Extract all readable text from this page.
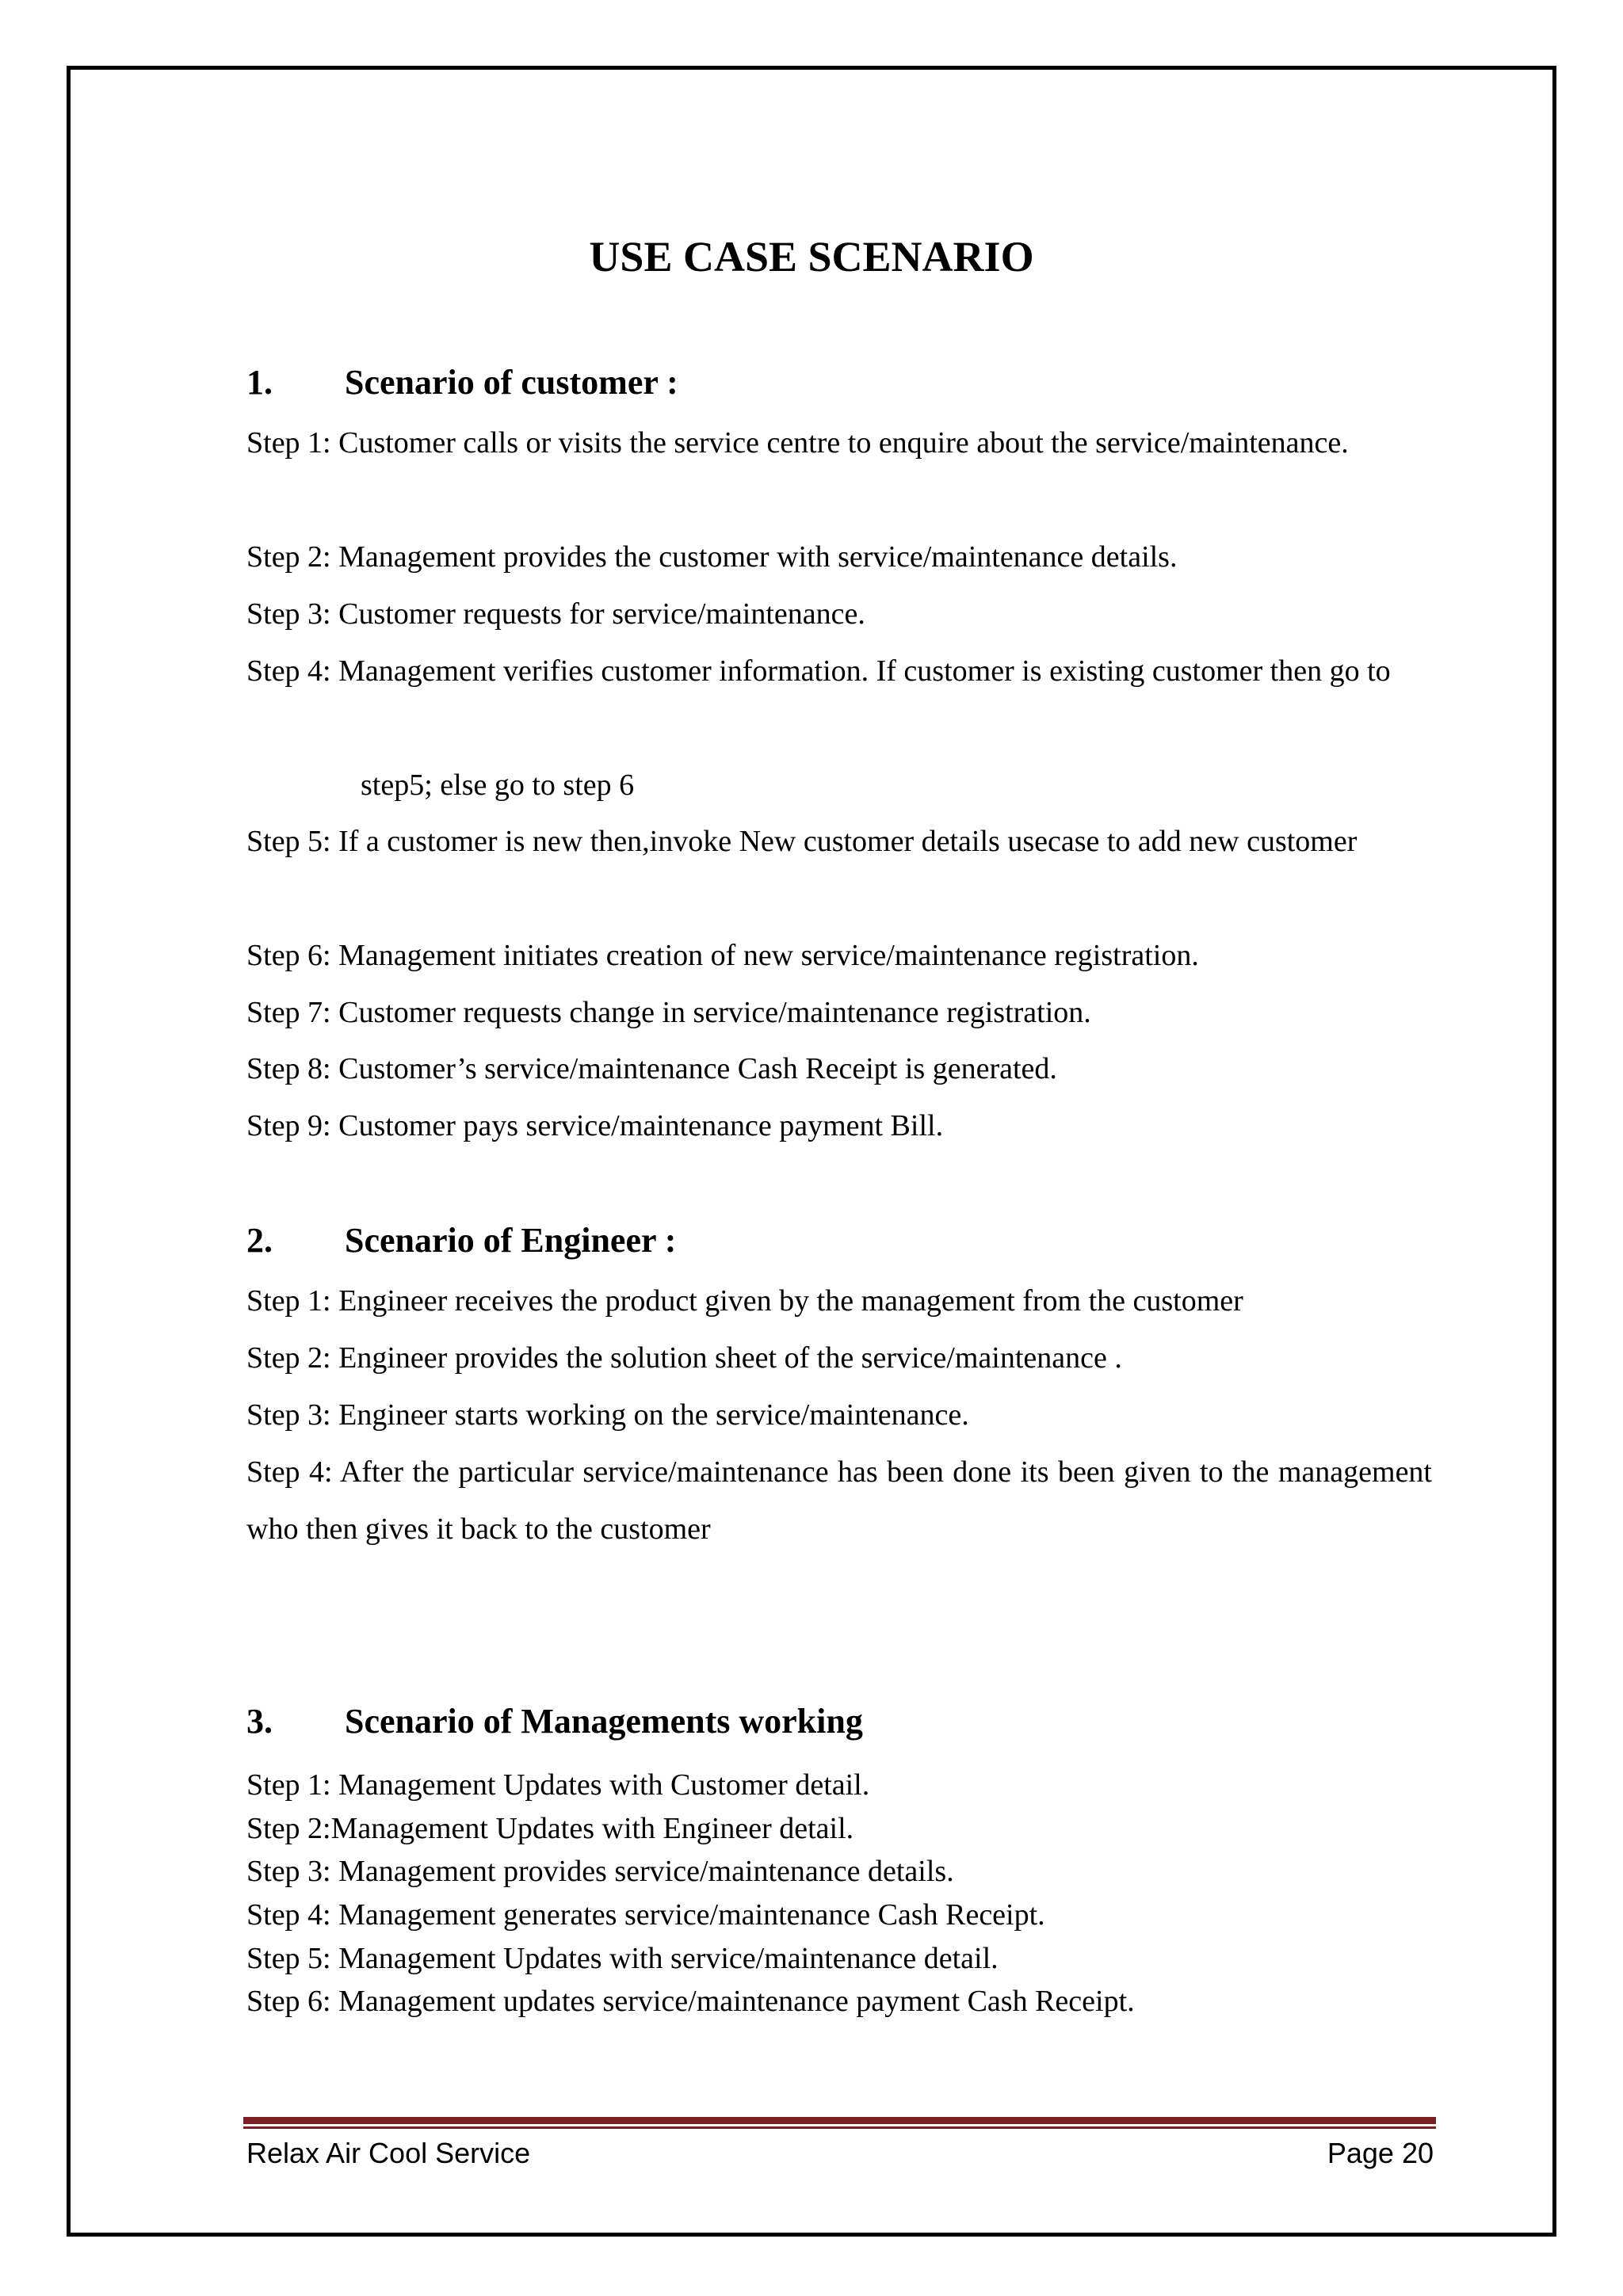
USE CASE SCENARIO
1. Scenario of customer :
Step 1: Customer calls or visits the service centre to enquire about the service/maintenance.
Step 2: Management provides the customer with service/maintenance details.
Step 3: Customer requests for service/maintenance.
Step 4: Management verifies customer information. If customer is existing customer then go to
step5; else go to step 6
Step 5: If a customer is new then,invoke New customer details usecase to add new customer
Step 6: Management initiates creation of new service/maintenance registration.
Step 7: Customer requests change in service/maintenance registration.
Step 8: Customer’s service/maintenance Cash Receipt is generated.
Step 9: Customer pays service/maintenance payment Bill.
2. Scenario of Engineer :
Step 1: Engineer receives the product given by the management from the customer
Step 2: Engineer provides the solution sheet of the service/maintenance .
Step 3: Engineer starts working on the service/maintenance.
Step 4: After the particular service/maintenance has been done its been given to the management who then gives it back to the customer
3. Scenario of Managements working
Step 1: Management Updates with Customer detail.
Step 2:Management Updates with Engineer detail.
Step 3: Management provides service/maintenance details.
Step 4: Management generates service/maintenance Cash Receipt.
Step 5: Management Updates with service/maintenance detail.
Step 6: Management updates service/maintenance payment Cash Receipt.
Relax Air Cool Service	Page 20
